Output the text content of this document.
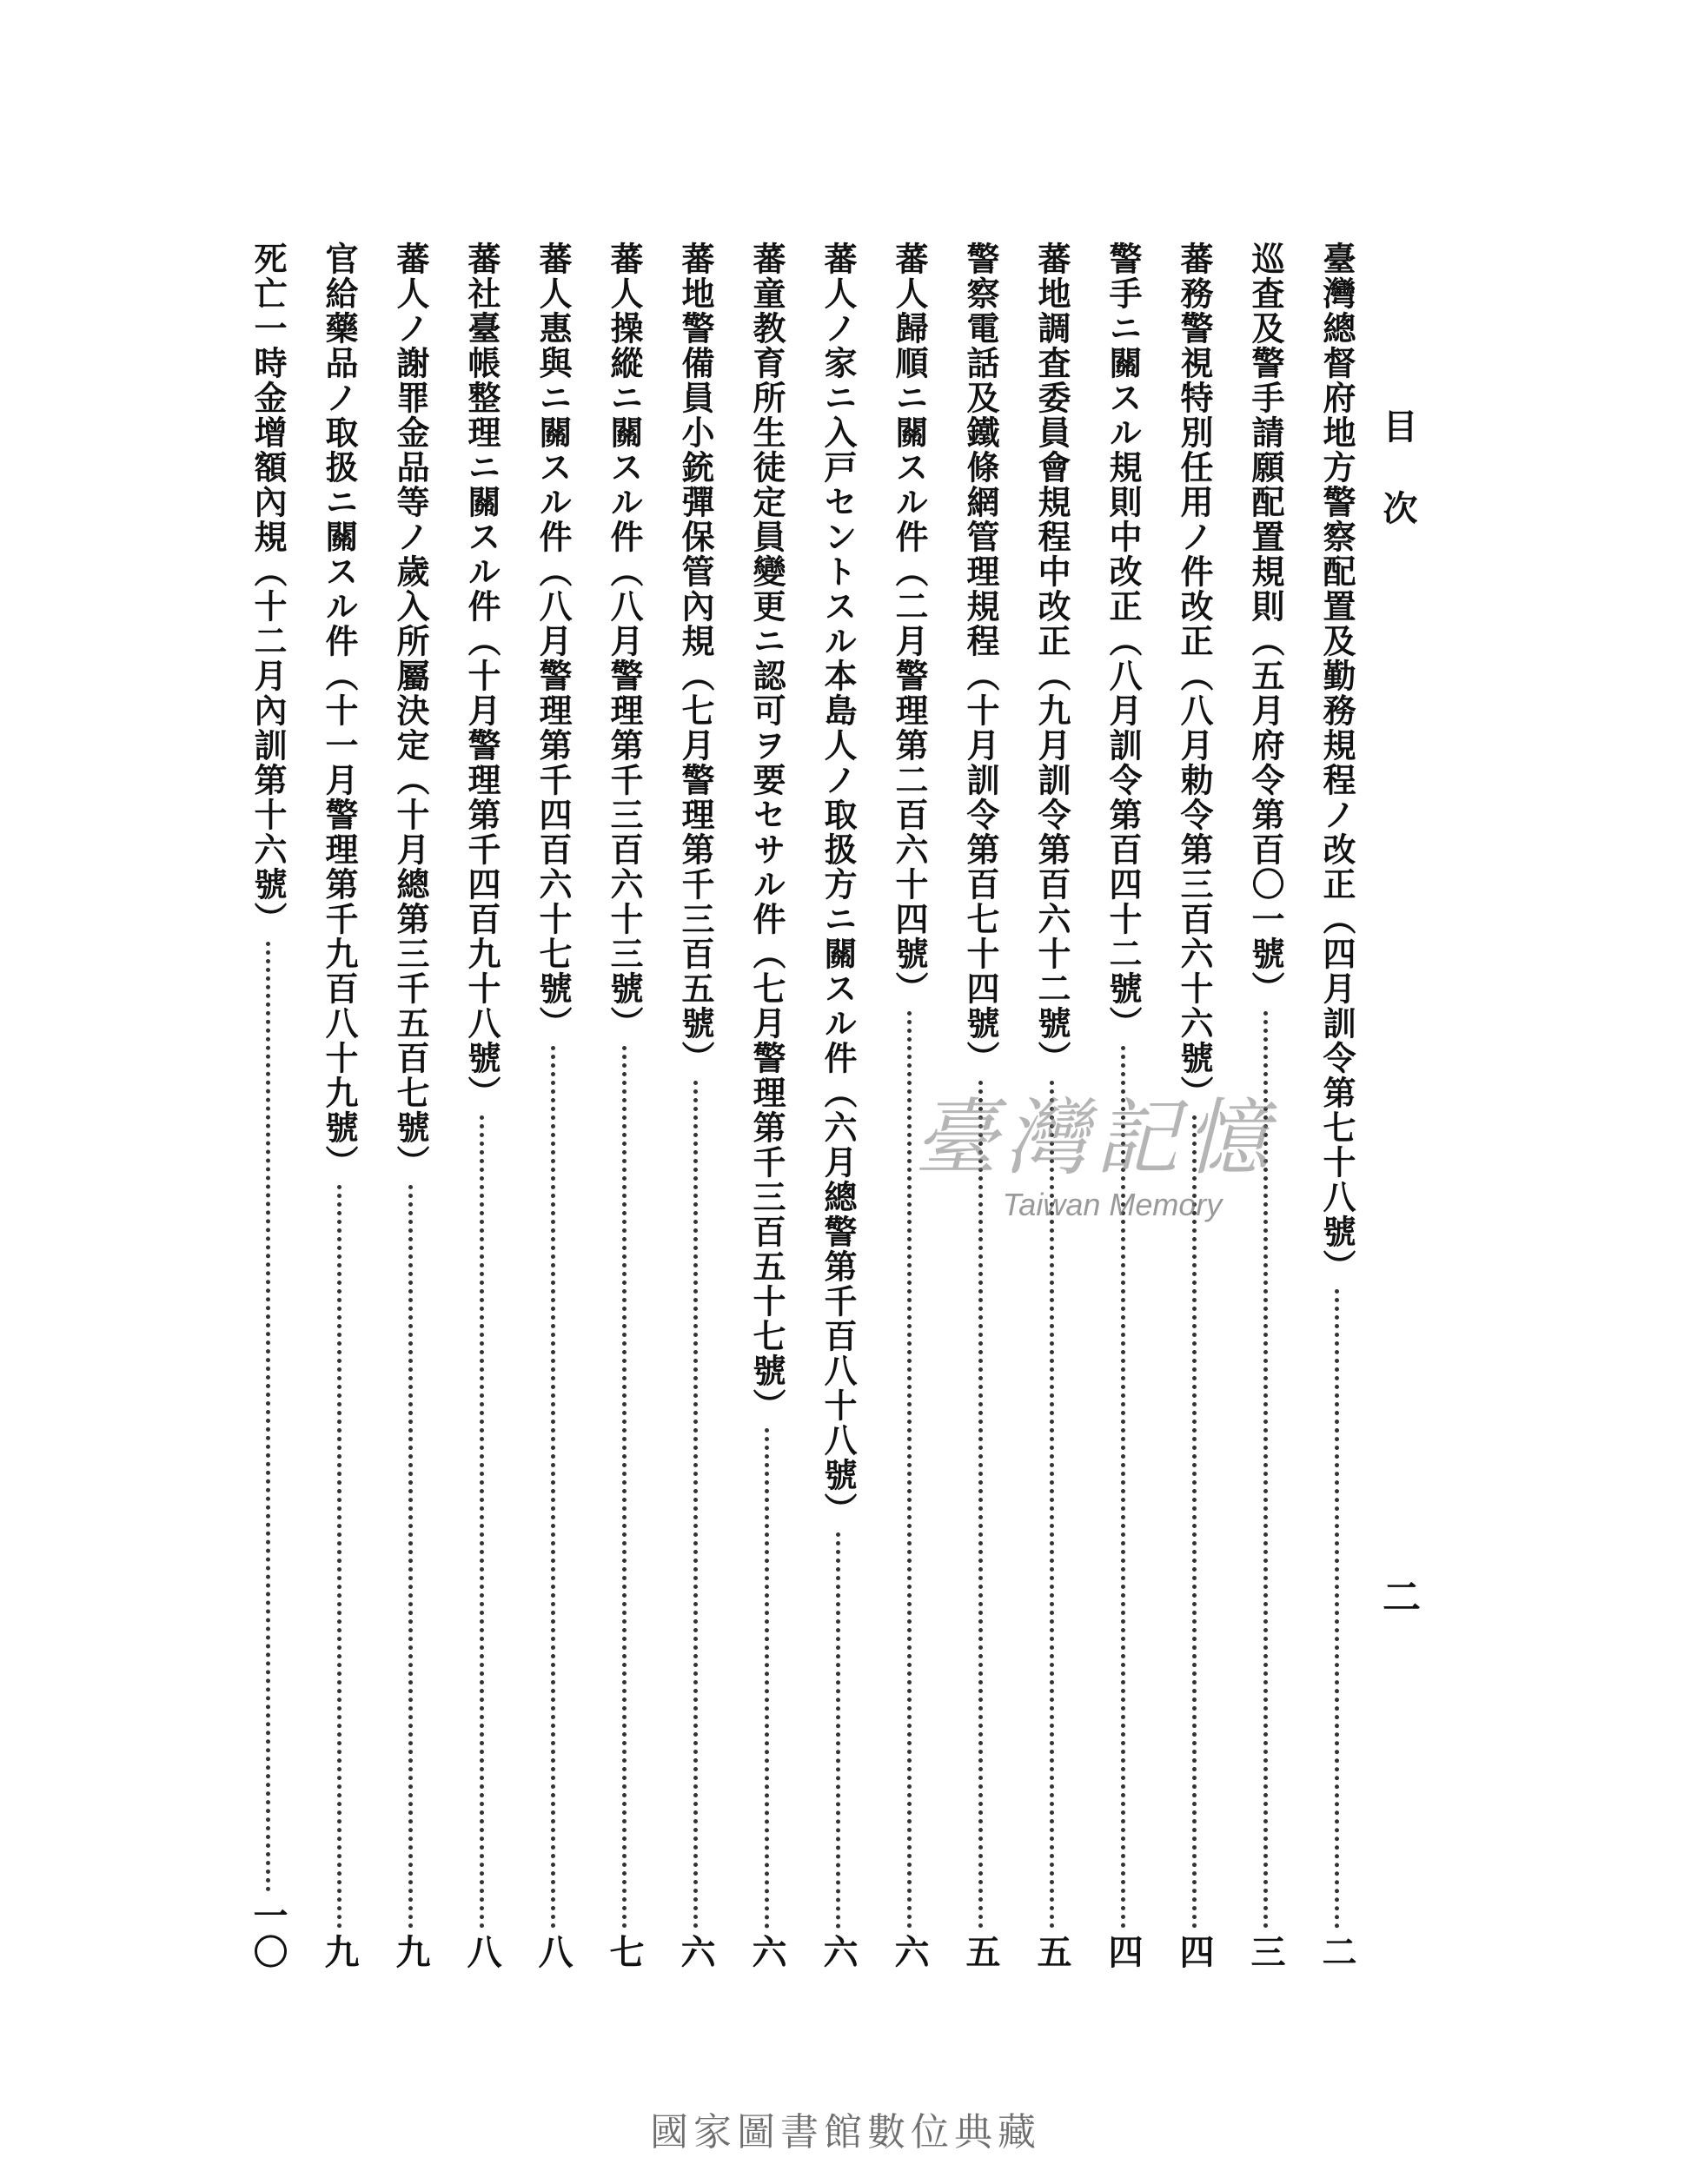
目次
二
臺灣總督府地方警察配置及勤務規程ノ改正（四月訓令第七十八號）
二
巡査及警手請願配置規則（五月府令第百〇一號）
三
蕃務警視特別任用ノ件改正（八月勅令第三百六十六號）
四
警手ニ關スル規則中改正（八月訓令第百四十二號）
四
蕃地調査委員會規程中改正（九月訓令第百六十二號）
五
警察電話及鐵條網管理規程（十月訓令第百七十四號）
五
蕃人歸順ニ關スル件（二月警理第二百六十四號）
六
蕃人ノ家ニ入戸セントスル本島人ノ取扱方ニ關スル件（六月總警第千百八十八號）
六
蕃童教育所生徒定員變更ニ認可ヲ要セサル件（七月警理第千三百五十七號）
六
蕃地警備員小銃彈保管內規（七月警理第千三百五號）
六
蕃人操縱ニ關スル件（八月警理第千三百六十三號）
七
蕃人惠與ニ關スル件（八月警理第千四百六十七號）
八
蕃社臺帳整理ニ關スル件（十月警理第千四百九十八號）
八
蕃人ノ謝罪金品等ノ歲入所屬決定（十月總第三千五百七號）
九
官給藥品ノ取扱ニ關スル件（十一月警理第千九百八十九號）
九
死亡一時金增額內規（十二月內訓第十六號）
一〇
臺灣記憶
Taiwan Memory
國家圖書館數位典藏
